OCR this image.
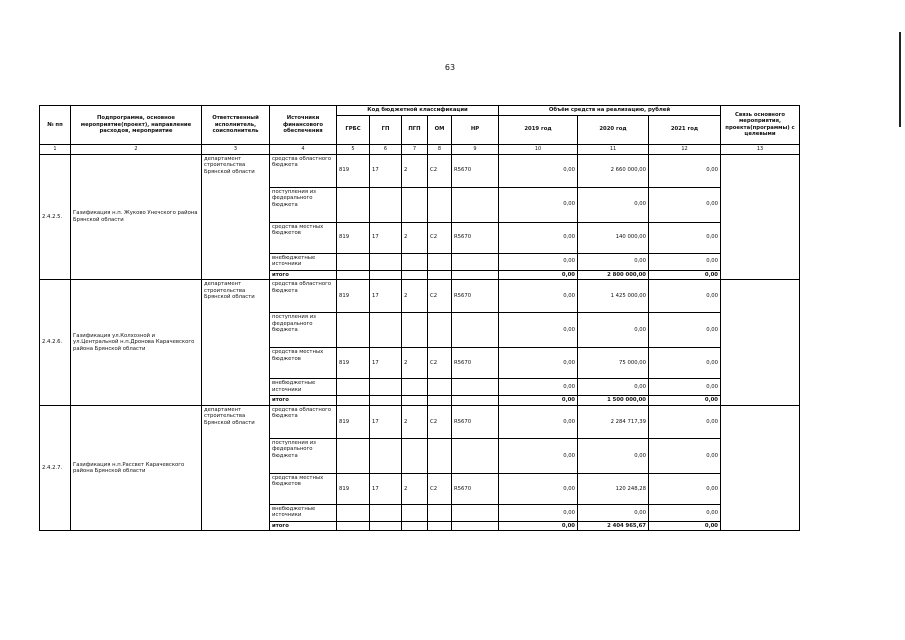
63
№ пп	Подпрограмма, основное мероприятие(проект), направление расходов, мероприятие	Ответственный исполнитель, соисполнитель	Источники финансового обеспечения	Код бюджетной классификации					Объём средств на реализацию, рублей			Связь основного мероприятия, проекта(программы) с целевыми
				ГРБС	ГП	ПГП	ОМ	НР	2019 год	2020 год	2021 год	
1	2	3	4	5	6	7	8	9	10	11	12	13
2.4.2.5.	Газификация н.п. Жуково Унечского района Брянской области	департамент строительства Брянской области	средства областного бюджета	819	17	2	С2	R5670	0,00	2 660 000,00	0,00	
			поступления из федерального бюджета						0,00	0,00	0,00	
			средства местных бюджетов	819	17	2	С2	R5670	0,00	140 000,00	0,00	
			внебюджетные источники						0,00	0,00	0,00	
			итого						0,00	2 800 000,00	0,00	
2.4.2.6.	Газификация ул.Колхозной и ул.Центральной н.п.Дронова Карачевского района Брянской области	департамент строительства Брянской области	средства областного бюджета	819	17	2	С2	R5670	0,00	1 425 000,00	0,00	
			поступления из федерального бюджета						0,00	0,00	0,00	
			средства местных бюджетов	819	17	2	С2	R5670	0,00	75 000,00	0,00	
			внебюджетные источники						0,00	0,00	0,00	
			итого						0,00	1 500 000,00	0,00	
2.4.2.7.	Газификация н.п.Рассвет Карачевского района Брянской области	департамент строительства Брянской области	средства областного бюджета	819	17	2	С2	R5670	0,00	2 284 717,39	0,00	
			поступления из федерального бюджета						0,00	0,00	0,00	
			средства местных бюджетов	819	17	2	С2	R5670	0,00	120 248,28	0,00	
			внебюджетные источники						0,00	0,00	0,00	
			итого						0,00	2 404 965,67	0,00	
